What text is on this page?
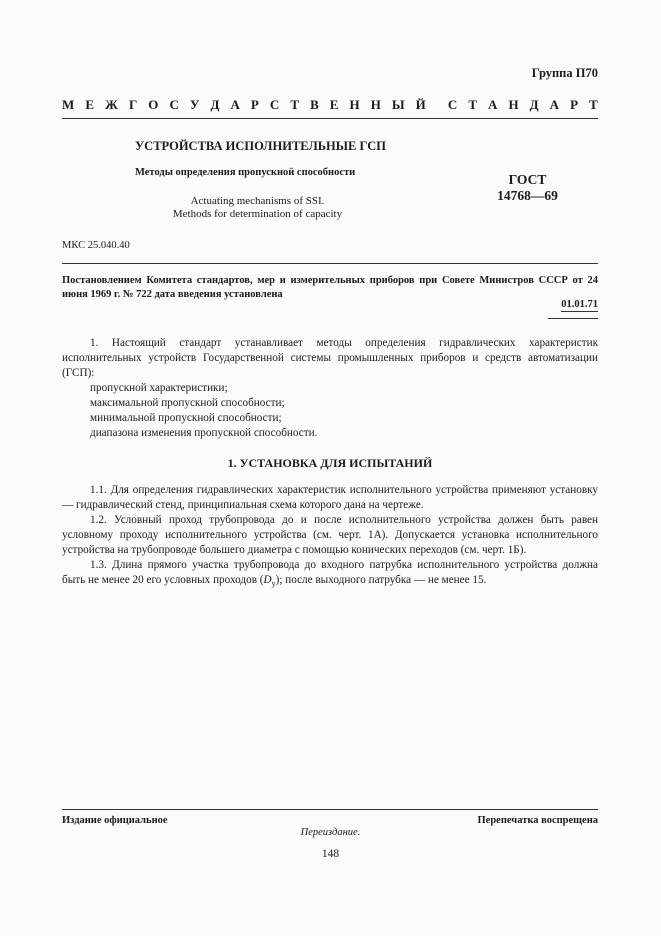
Группа П70
М Е Ж Г О С У Д А Р С Т В Е Н Н Ы Й С Т А Н Д А Р Т
УСТРОЙСТВА ИСПОЛНИТЕЛЬНЫЕ ГСП
Методы определения пропускной способности	ГОСТ
14768—69
Actuating mechanisms of SSI.
Methods for determination of capacity
МКС 25.040.40
Постановлением Комитета стандартов, мер и измерительных приборов при Совете Министров СССР от 24 июня 1969 г. № 722 дата введения установлена
01.01.71

1. Настоящий стандарт устанавливает методы определения гидравлических характеристик исполнительных устройств Государственной системы промышленных приборов и средств автоматизации (ГСП):

пропускной характеристики;
максимальной пропускной способности;
минимальной пропускной способности;
диапазона изменения пропускной способности.
1. УСТАНОВКА ДЛЯ ИСПЫТАНИЙ

1.1. Для определения гидравлических характеристик исполнительного устройства применяют установку — гидравлический стенд, принципиальная схема которого дана на чертеже.

1.2. Условный проход трубопровода до и после исполнительного устройства должен быть равен условному проходу исполнительного устройства (см. черт. 1А). Допускается установка исполнительного устройства на трубопроводе большего диаметра с помощью конических переходов (см. черт. 1Б).

1.3. Длина прямого участка трубопровода до входного патрубка исполнительного устройства должна быть не менее 20 его условных проходов $(D_y)$; после выходного патрубка — не менее 15.

Издание официальное	Перепечатка воспрещена
Переиздание.
148
